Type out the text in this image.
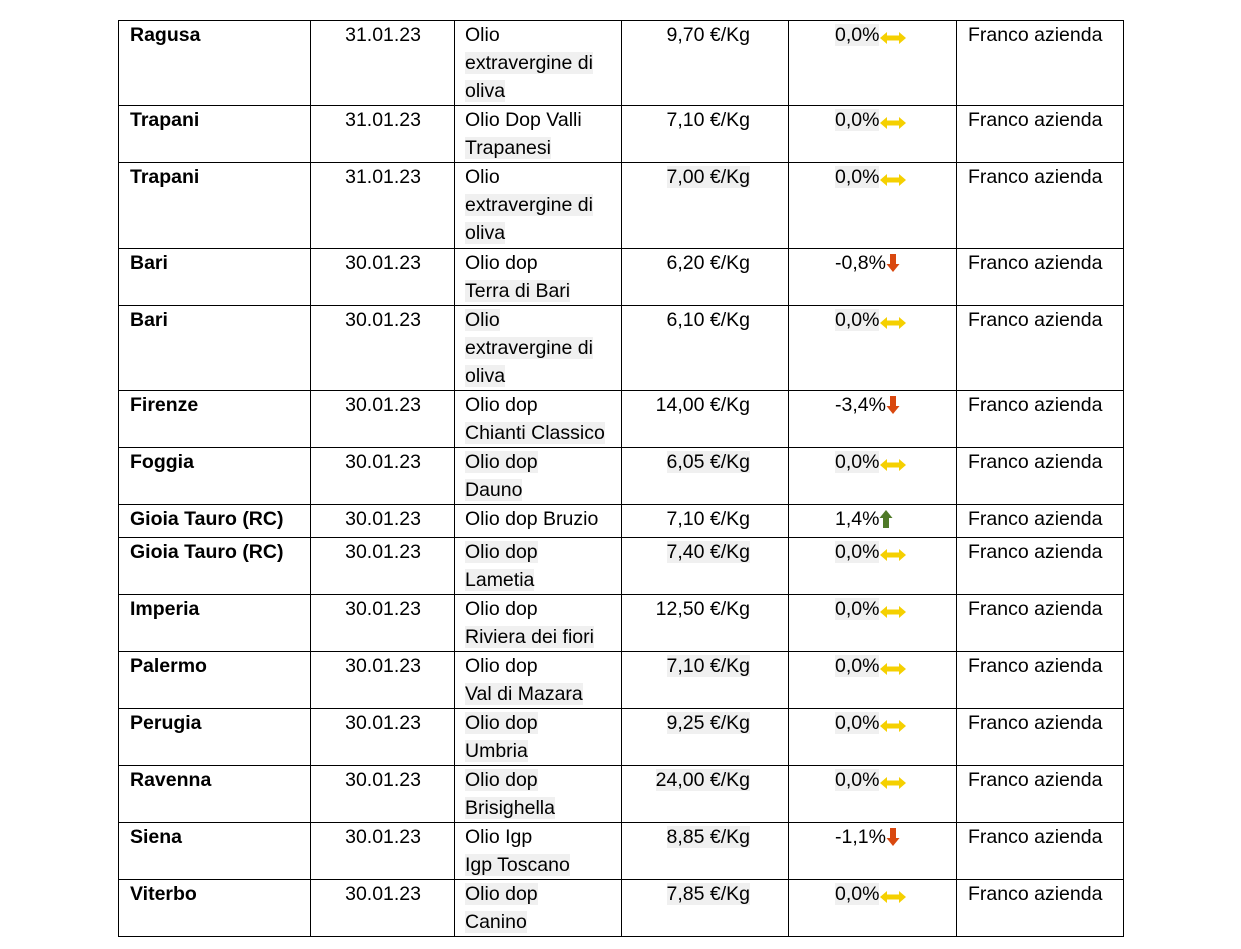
Ragusa	31.01.23	Olio
extravergine di
oliva	9,70 €/Kg	0,0%	Franco azienda
Trapani	31.01.23	Olio Dop Valli
Trapanesi	7,10 €/Kg	0,0%	Franco azienda
Trapani	31.01.23	Olio
extravergine di
oliva	7,00 €/Kg	0,0%	Franco azienda
Bari	30.01.23	Olio dop
Terra di Bari	6,20 €/Kg	-0,8%	Franco azienda
Bari	30.01.23	Olio
extravergine di
oliva	6,10 €/Kg	0,0%	Franco azienda
Firenze	30.01.23	Olio dop
Chianti Classico	14,00 €/Kg	-3,4%	Franco azienda
Foggia	30.01.23	Olio dop
Dauno	6,05 €/Kg	0,0%	Franco azienda
Gioia Tauro (RC)	30.01.23	Olio dop Bruzio	7,10 €/Kg	1,4%	Franco azienda
Gioia Tauro (RC)	30.01.23	Olio dop
Lametia	7,40 €/Kg	0,0%	Franco azienda
Imperia	30.01.23	Olio dop
Riviera dei fiori	12,50 €/Kg	0,0%	Franco azienda
Palermo	30.01.23	Olio dop
Val di Mazara	7,10 €/Kg	0,0%	Franco azienda
Perugia	30.01.23	Olio dop
Umbria	9,25 €/Kg	0,0%	Franco azienda
Ravenna	30.01.23	Olio dop
Brisighella	24,00 €/Kg	0,0%	Franco azienda
Siena	30.01.23	Olio Igp
Igp Toscano	8,85 €/Kg	-1,1%	Franco azienda
Viterbo	30.01.23	Olio dop
Canino	7,85 €/Kg	0,0%	Franco azienda
